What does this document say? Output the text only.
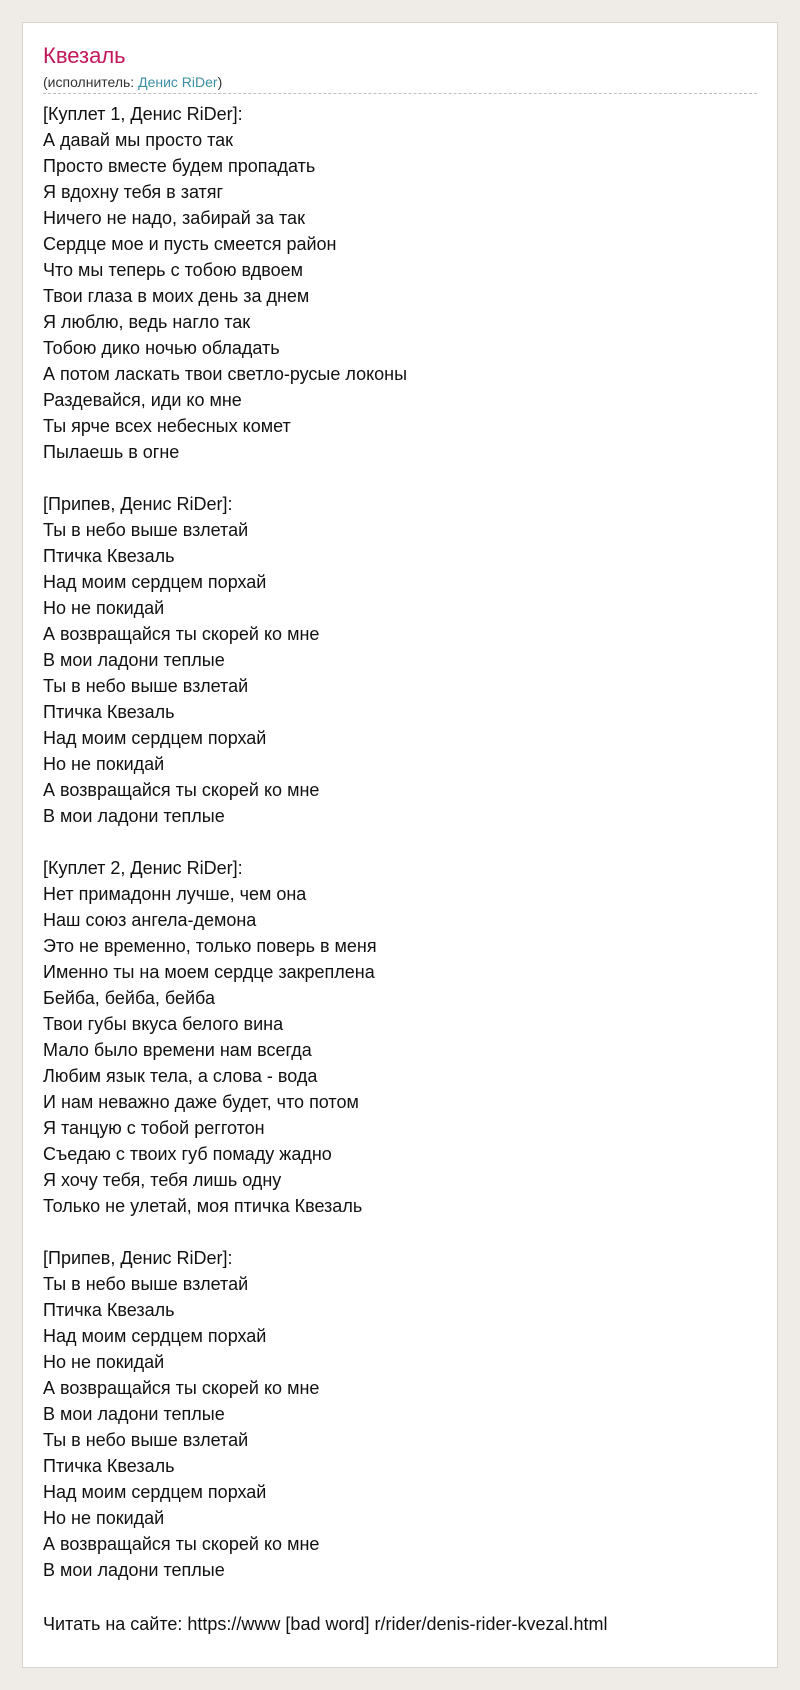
Квезаль
(исполнитель: Денис RiDer)
[Куплет 1, Денис RiDer]:
А давай мы просто так
Просто вместе будем пропадать
Я вдохну тебя в затяг
Ничего не надо, забирай за так
Сердце мое и пусть смеется район
Что мы теперь с тобою вдвоем
Твои глаза в моих день за днем
Я люблю, ведь нагло так
Тобою дико ночью обладать
А потом ласкать твои светло-русые локоны
Раздевайся, иди ко мне
Ты ярче всех небесных комет
Пылаешь в огне
[Припев, Денис RiDer]:
Ты в небо выше взлетай
Птичка Квезаль
Над моим сердцем порхай
Но не покидай
А возвращайся ты скорей ко мне
В мои ладони теплые
Ты в небо выше взлетай
Птичка Квезаль
Над моим сердцем порхай
Но не покидай
А возвращайся ты скорей ко мне
В мои ладони теплые
[Куплет 2, Денис RiDer]:
Нет примадонн лучше, чем она
Наш союз ангела-демона
Это не временно, только поверь в меня
Именно ты на моем сердце закреплена
Бейба, бейба, бейба
Твои губы вкуса белого вина
Мало было времени нам всегда
Любим язык тела, а слова - вода
И нам неважно даже будет, что потом
Я танцую с тобой регготон
Съедаю с твоих губ помаду жадно
Я хочу тебя, тебя лишь одну
Только не улетай, моя птичка Квезаль
[Припев, Денис RiDer]:
Ты в небо выше взлетай
Птичка Квезаль
Над моим сердцем порхай
Но не покидай
А возвращайся ты скорей ко мне
В мои ладони теплые
Ты в небо выше взлетай
Птичка Квезаль
Над моим сердцем порхай
Но не покидай
А возвращайся ты скорей ко мне
В мои ладони теплые
Читать на сайте: https://www [bad word] r/rider/denis-rider-kvezal.html
